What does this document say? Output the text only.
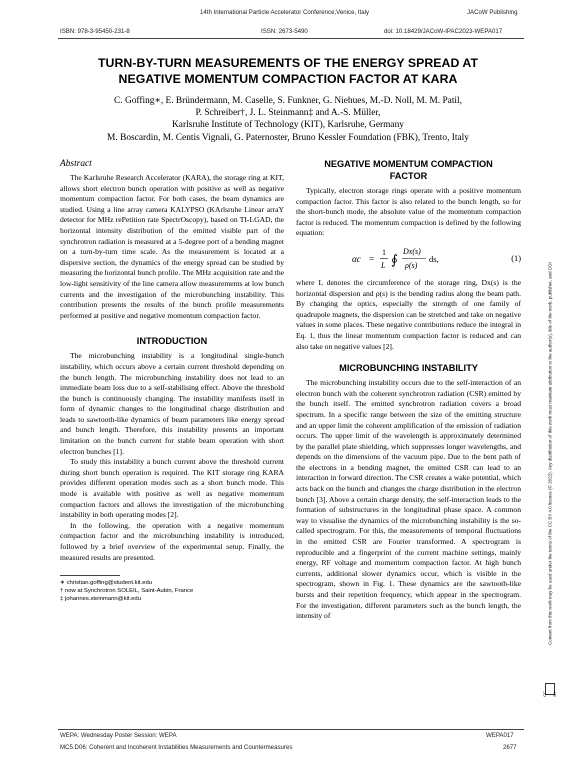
14th International Particle Accelerator Conference,Venice, Italy	JACoW Publishing
ISBN: 978-3-95450-231-8	ISSN: 2673-5490	doi: 10.18429/JACoW-IPAC2023-WEPA017
TURN-BY-TURN MEASUREMENTS OF THE ENERGY SPREAD AT
NEGATIVE MOMENTUM COMPACTION FACTOR AT KARA
C. Goffing∗, E. Bründermann, M. Caselle, S. Funkner, G. Niehues, M.-D. Noll, M. M. Patil,
P. Schreiber†, J. L. Steinmann‡ and A.-S. Müller,
Karlsruhe Institute of Technology (KIT), Karlsruhe, Germany
M. Boscardin, M. Centis Vignali, G. Paternoster, Bruno Kessler Foundation (FBK), Trento, Italy
Abstract

The Karlsruhe Research Accelerator (KARA), the storage ring at KIT, allows short electron bunch operation with positive as well as negative momentum compaction factor. For both cases, the beam dynamics are studied. Using a line array camera KALYPSO (KArlsruhe Linear arraY detector for MHz rePetition rate SpectrOscopy), based on TI-LGAD, the horizontal intensity distribution of the emitted visible part of the synchrotron radiation is measured at a 5-degree port of a bending magnet on a turn-by-turn time scale. As the measurement is located at a dispersive section, the dynamics of the energy spread can be studied by measuring the horizontal bunch profile. The MHz acquisition rate and the low-light sensitivity of the line camera allow measurements at low bunch currents and the investigation of the microbunching instability. This contribution presents the results of the bunch profile measurements performed at positive and negative momentum compaction factor.

INTRODUCTION

The microbunching instability is a longitudinal single-bunch instability, which occurs above a certain current threshold depending on the bunch length. The microbunching instability does not lead to an immediate beam loss due to a self-stabilising effect. Above the threshold the bunch is continuously changing. The instability manifests itself in form of dynamic changes to the longitudinal charge distribution and leads to sawtooth-like dynamics of beam parameters like energy spread and bunch length. Therefore, this instability presents an important limitation on the bunch current for stable beam operation with short electron bunches [1].

To study this instability a bunch current above the threshold current during short bunch operation is required. The KIT storage ring KARA provides different operation modes such as a short bunch mode. This mode is available with positive as well as negative momentum compaction factors and allows the investigation of the microbunching instability in both operating modes [2].

In the following, the operation with a negative momentum compaction factor and the microbunching instability is introduced, followed by a brief overview of the experimental setup. Finally, the measured results are presented.

∗ christian.goffing@student.kit.edu
† now at Synchrotron SOLEIL, Saint-Aubin, France
‡ johannes.steinmann@kit.edu
NEGATIVE MOMENTUM COMPACTION
FACTOR

Typically, electron storage rings operate with a positive momentum compaction factor. This factor is also related to the bunch length, so for the short-bunch mode, the absolute value of the momentum compaction factor is reduced. The momentum compaction is defined by the following equation:

αc =
1
L ∮
Dx(s)
ρ(s)
ds,	(1)

where L denotes the circumference of the storage ring, Dx(s) is the horizontal dispersion and ρ(s) is the bending radius along the beam path. By changing the optics, especially the strength of one family of quadrupole magnets, the dispersion can be stretched and take on negative values in some places. These negative contributions reduce the integral in Eq. 1, thus the linear momentum compaction factor is reduced and can also take on negative values [2].

MICROBUNCHING INSTABILITY

The microbunching instability occurs due to the self-interaction of an electron bunch with the coherent synchrotron radiation (CSR) emitted by the bunch itself. The emitted synchrotron radiation covers a broad spectrum. In a specific range between the size of the emitting structure and an upper limit the coherent amplification of the emission of radiation occurs. The upper limit of the wavelength is approximately determined by the parallel plate shielding, which suppresses longer wavelengths, and depends on the dimensions of the vacuum pipe. Due to the bent path of the electrons in a bending magnet, the emitted CSR can lead to an interaction in forward direction. The CSR creates a wake potential, which acts back on the bunch and changes the charge distribution in the electron bunch [3]. Above a certain charge density, the self-interaction leads to the formation of substructures in the longitudinal phase space. A common way to visualise the dynamics of the microbunching instability is the so-called spectrogram. For this, the measurements of temporal fluctuations in the emitted CSR are Fourier transformed. A spectrogram is reproducible and a fingerprint of the current machine settings, mainly energy, RF voltage and momentum compaction factor. At high bunch currents, additional slower dynamics occur, which is visible in the spectrogram, shown in Fig. 1. These dynamics are the sawtooth-like bursts and their repetition frequency, which appear in the spectrogram. For the investigation, different parameters such as the bunch length, the intensity of	Content from this work may be used under the terms of the CC BY 4.0 licence (© 2022). Any distribution of this work must maintain attribution to the author(s), title of the work, publisher, and DOI
CC BY
WEPA: Wednesday Poster Session: WEPA	WEPA017
MC5.D06: Coherent and Incoherent Instabilities Measurements and Countermeasures	2677
